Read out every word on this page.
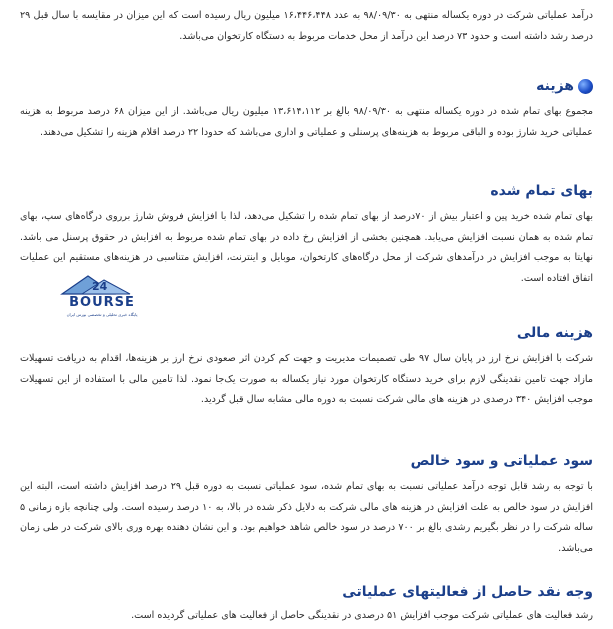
درآمد عملیاتی شرکت در دوره یکساله منتهی به ۹۸/۰۹/۳۰ به عدد ۱۶،۴۴۶،۴۴۸ میلیون ریال رسیده است که این میزان در مقایسه با سال قبل ۲۹ درصد رشد داشته است و حدود ۷۳ درصد این درآمد از محل خدمات مربوط به دستگاه کارتخوان می‌باشد.

هزینه

مجموع بهای تمام شده در دوره یکساله منتهی به ۹۸/۰۹/۳۰ بالغ بر ۱۳،۶۱۴،۱۱۲ میلیون ریال می‌باشد. از این میزان ۶۸ درصد مربوط به هزینه عملیاتی خرید شارژ بوده و الباقی مربوط به هزینه‌های پرسنلی و عملیاتی و اداری می‌باشد که حدودا ۲۲ درصد اقلام هزینه را تشکیل می‌دهند.

بهای تمام شده

بهای تمام شده خرید پین و اعتبار بیش از ۷۰درصد از بهای تمام شده را تشکیل می‌دهد، لذا با افزایش فروش شارژ برروی درگاه‌های سپ، بهای تمام شده به همان نسبت افزایش می‌یابد. همچنین بخشی از افزایش رخ داده در بهای تمام شده مربوط به افزایش در حقوق پرسنل می باشد. نهایتا به موجب افزایش در درآمدهای شرکت از محل درگاه‌های کارتخوان، موبایل و اینترنت، افزایش متناسبی در هزینه‌های مستقیم این عملیات اتفاق افتاده است.

24
BOURSE
پایگاه خبری تحلیلی و تخصصی بورس ایران
هزینه مالی

شرکت با افزایش نرخ ارز در پایان سال ۹۷ طی تصمیمات مدیریت و جهت کم کردن اثر صعودی نرخ ارز بر هزینه‌ها، اقدام به دریافت تسهیلات مازاد جهت تامین نقدینگی لازم برای خرید دستگاه کارتخوان مورد نیاز یکساله به صورت یک‌جا نمود. لذا تامین مالی با استفاده از این تسهیلات موجب افزایش ۳۴۰ درصدی در هزینه های مالی شرکت نسبت به دوره مالی مشابه سال قبل گردید.

سود عملیاتی و سود خالص

با توجه به رشد قابل توجه درآمد عملیاتی نسبت به بهای تمام شده، سود عملیاتی نسبت به دوره قبل ۲۹ درصد افزایش داشته است، البته این افزایش در سود خالص به علت افزایش در هزینه های مالی شرکت به دلایل ذکر شده در بالا، به ۱۰ درصد رسیده است. ولی چنانچه بازه زمانی ۵ ساله شرکت را در نظر بگیریم رشدی بالغ بر ۷۰۰ درصد در سود خالص شاهد خواهیم بود. و این نشان دهنده بهره وری بالای شرکت در طی زمان می‌باشد.

وجه نقد حاصل از فعالیتهای عملیاتی

رشد فعالیت های عملیاتی شرکت موجب افزایش ۵۱ درصدی در نقدینگی حاصل از فعالیت های عملیاتی گردیده است.
